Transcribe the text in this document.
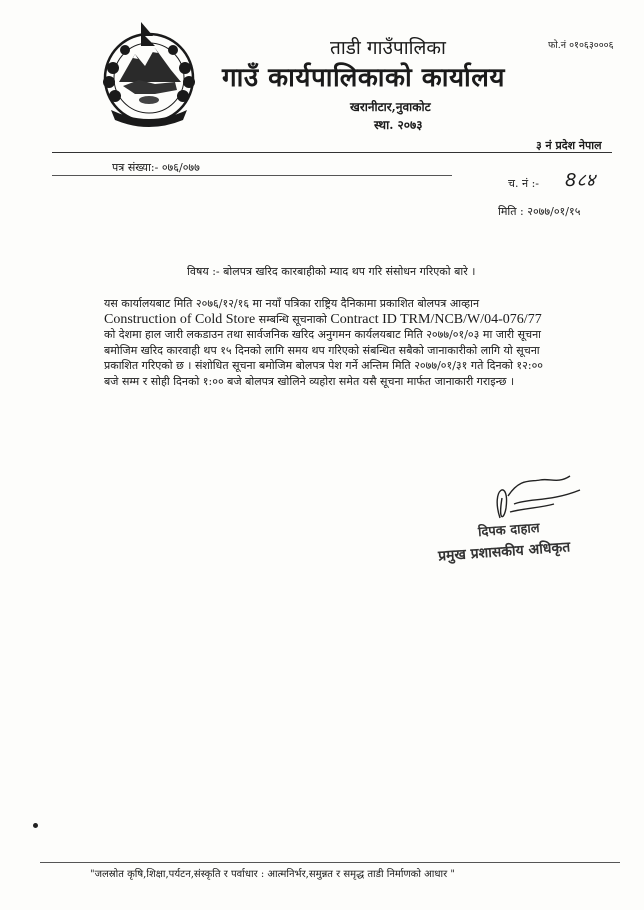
ताडी गाउँपालिका
गाउँ कार्यपालिकाको कार्यालय
खरानीटार,नुवाकोट
स्था. २०७३
फो.नं ०१०६३०००६
३ नं प्रदेश नेपाल
पत्र संख्या:- ०७६/०७७
च. नं :- 8८४
मिति : २०७७/०१/१५
विषय :- बोलपत्र खरिद कारबाहीको म्याद थप गरि संसोधन गरिएको बारे ।
यस कार्यालयबाट मिति २०७६/१२/१६ मा नयाँ पत्रिका राष्ट्रिय दैनिकामा प्रकाशित बोलपत्र आव्हान
Construction of Cold Store सम्बन्धि सूचनाको Contract ID TRM/NCB/W/04-076/77
को देशमा हाल जारी लकडाउन तथा सार्वजनिक खरिद अनुगमन कार्यलयबाट मिति २०७७/०१/०३ मा जारी सूचना बमोजिम खरिद कारवाही थप १५ दिनको लागि समय थप गरिएको संबन्धित सबैको जानाकारीको लागि यो सूचना प्रकाशित गरिएको छ । संशोधित सूचना बमोजिम बोलपत्र पेश गर्ने अन्तिम मिति २०७७/०१/३१ गते दिनको १२:०० बजे सम्म र सोही दिनको १:०० बजे बोलपत्र खोलिने व्यहोरा समेत यसै सूचना मार्फत जानाकारी गराइन्छ ।
दिपक दाहाल
प्रमुख प्रशासकीय अधिकृत
"जलस्रोत कृषि,शिक्षा,पर्यटन,संस्कृति र पर्वाधार : आत्मनिर्भर,समुन्नत र समृद्ध ताडी निर्माणको आधार "
